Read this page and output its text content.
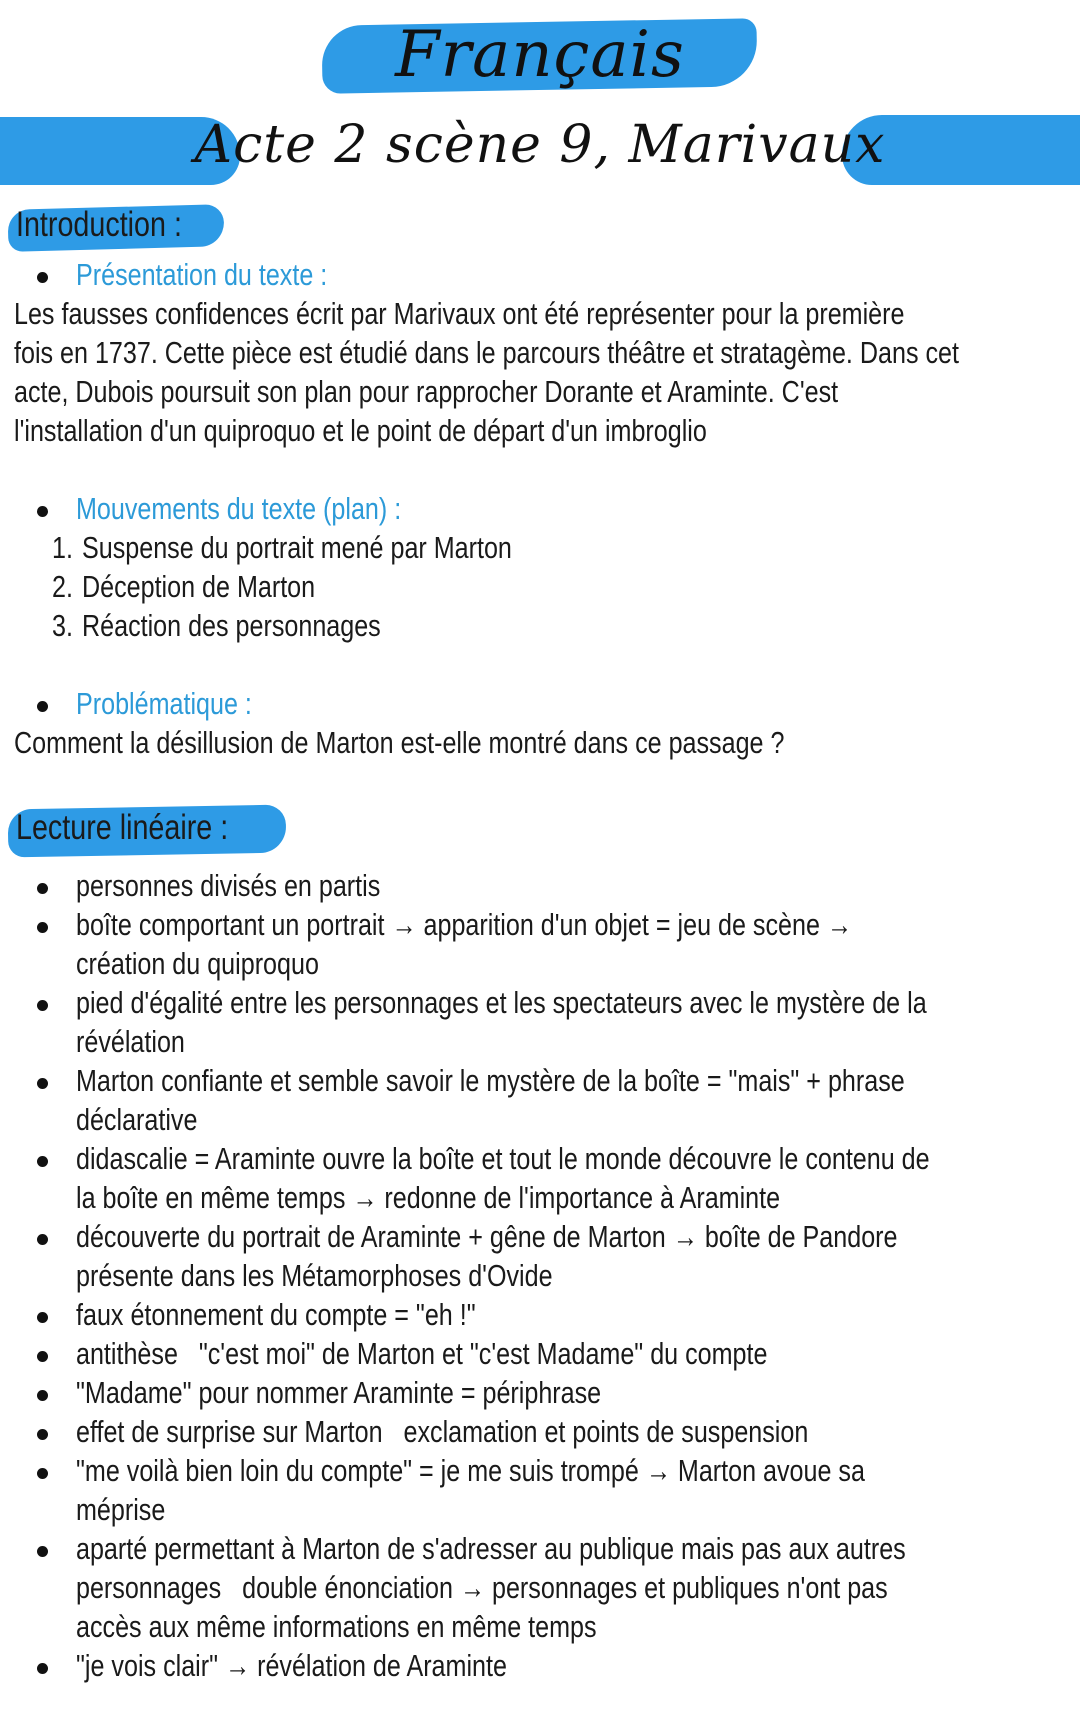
Français
Acte 2 scène 9, Marivaux
Introduction :
Présentation du texte :
Les fausses confidences écrit par Marivaux ont été représenter pour la première
fois en 1737. Cette pièce est étudié dans le parcours théâtre et stratagème. Dans cet
acte, Dubois poursuit son plan pour rapprocher Dorante et Araminte. C'est
l'installation d'un quiproquo et le point de départ d'un imbroglio
Mouvements du texte (plan) :
1. Suspense du portrait mené par Marton
2. Déception de Marton
3. Réaction des personnages
Problématique :
Comment la désillusion de Marton est-elle montré dans ce passage ?
Lecture linéaire :
personnes divisés en partis
boîte comportant un portrait → apparition d'un objet = jeu de scène →
création du quiproquo
pied d'égalité entre les personnages et les spectateurs avec le mystère de la
révélation
Marton confiante et semble savoir le mystère de la boîte = "mais" + phrase
déclarative
didascalie = Araminte ouvre la boîte et tout le monde découvre le contenu de
la boîte en même temps → redonne de l'importance à Araminte
découverte du portrait de Araminte + gêne de Marton → boîte de Pandore
présente dans les Métamorphoses d'Ovide
faux étonnement du compte = "eh !"
antithèse   "c'est moi" de Marton et "c'est Madame" du compte
"Madame" pour nommer Araminte = périphrase
effet de surprise sur Marton   exclamation et points de suspension
"me voilà bien loin du compte" = je me suis trompé → Marton avoue sa
méprise
aparté permettant à Marton de s'adresser au publique mais pas aux autres
personnages   double énonciation → personnages et publiques n'ont pas
accès aux même informations en même temps
"je vois clair" → révélation de Araminte
